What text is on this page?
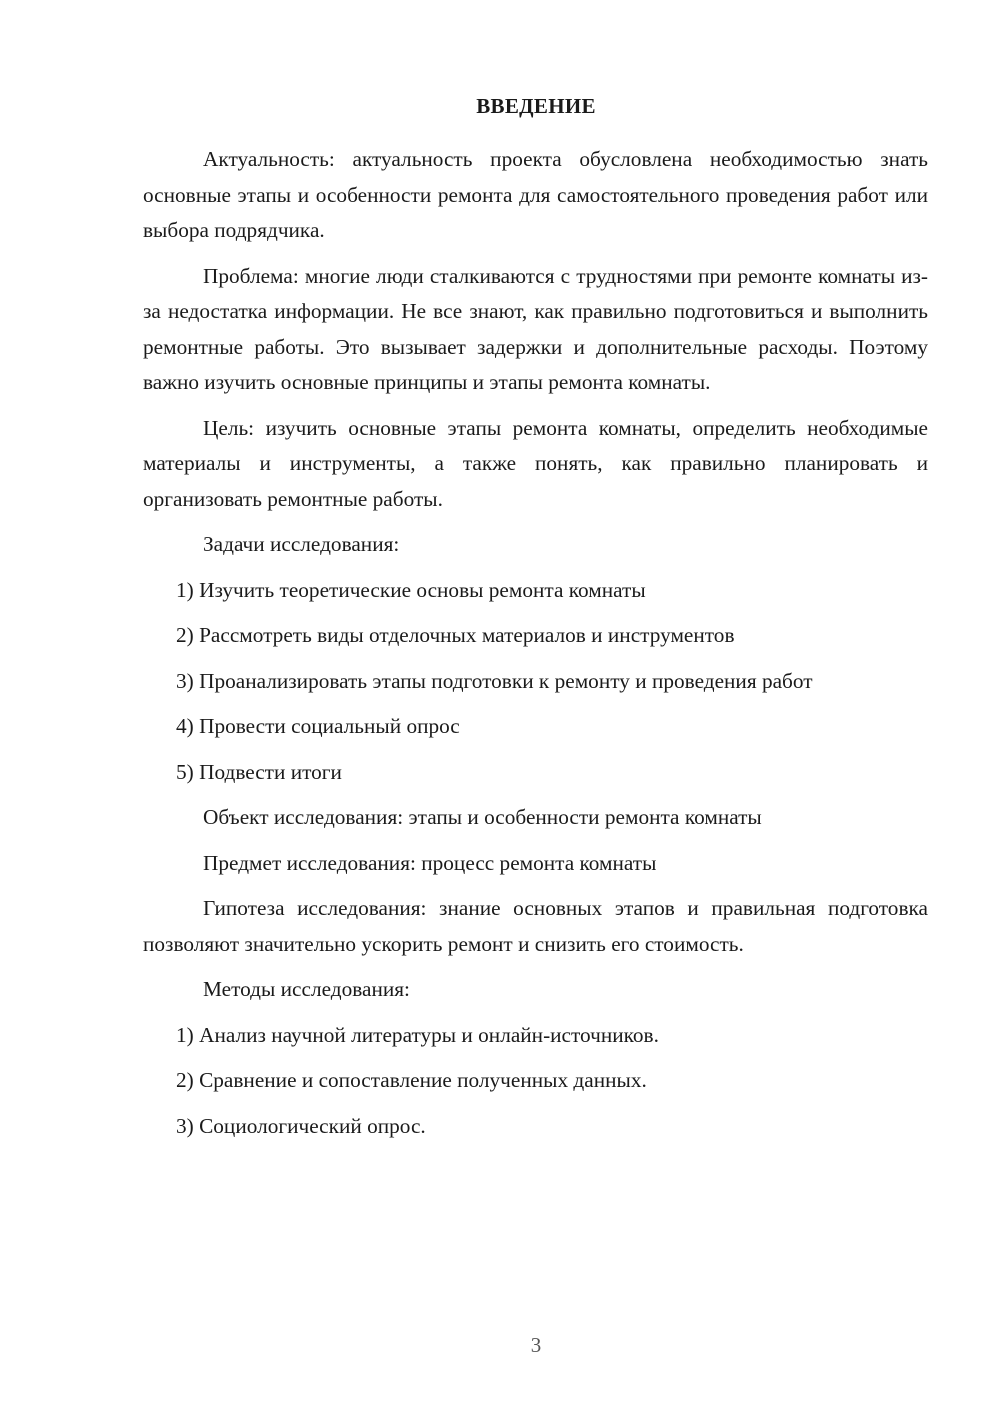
ВВЕДЕНИЕ

Актуальность: актуальность проекта обусловлена необходимостью знать основные этапы и особенности ремонта для самостоятельного проведения работ или выбора подрядчика.

Проблема: многие люди сталкиваются с трудностями при ремонте комнаты из-за недостатка информации. Не все знают, как правильно подготовиться и выполнить ремонтные работы. Это вызывает задержки и дополнительные расходы. Поэтому важно изучить основные принципы и этапы ремонта комнаты.

Цель: изучить основные этапы ремонта комнаты, определить необходимые материалы и инструменты, а также понять, как правильно планировать и организовать ремонтные работы.

Задачи исследования:

1) Изучить теоретические основы ремонта комнаты

2) Рассмотреть виды отделочных материалов и инструментов

3) Проанализировать этапы подготовки к ремонту и проведения работ

4) Провести социальный опрос

5) Подвести итоги

Объект исследования: этапы и особенности ремонта комнаты

Предмет исследования: процесс ремонта комнаты

Гипотеза исследования: знание основных этапов и правильная подготовка позволяют значительно ускорить ремонт и снизить его стоимость.

Методы исследования:

1) Анализ научной литературы и онлайн-источников.

2) Сравнение и сопоставление полученных данных.

3) Социологический опрос.

3
